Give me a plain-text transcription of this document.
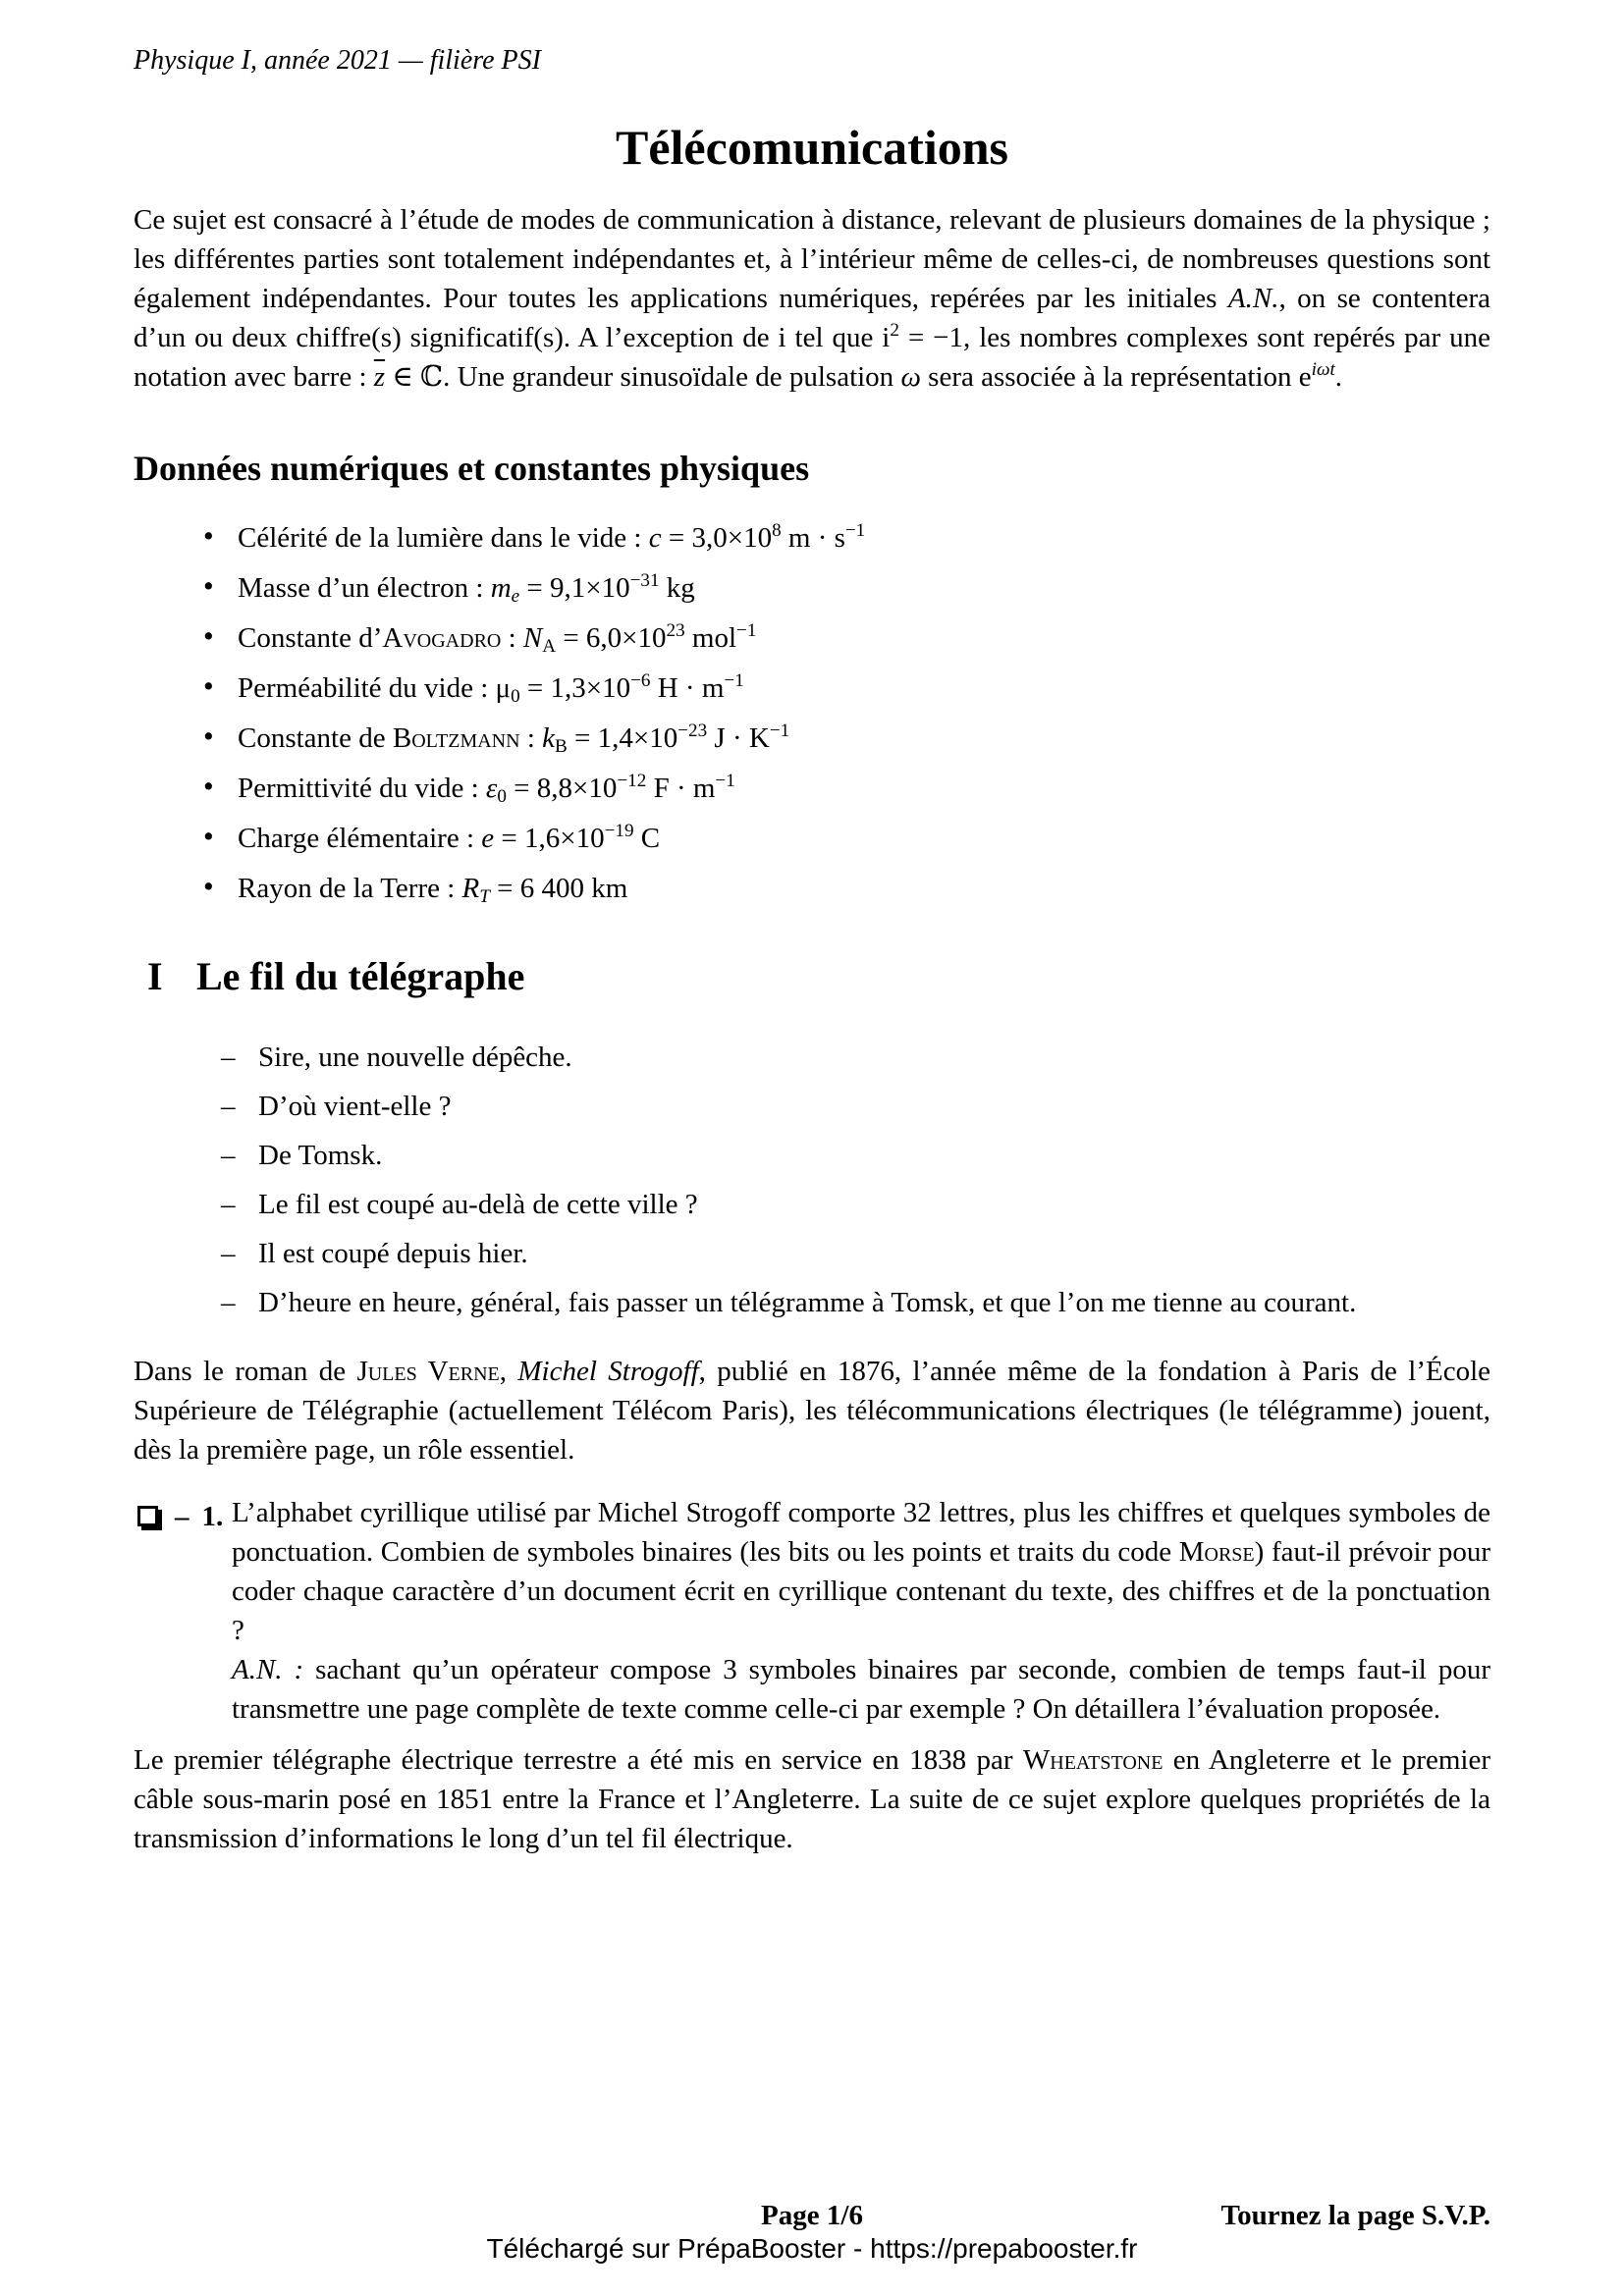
Physique I, année 2021 — filière PSI
Télécomunications

Ce sujet est consacré à l’étude de modes de communication à distance, relevant de plusieurs domaines de la physique ; les différentes parties sont totalement indépendantes et, à l’intérieur même de celles-ci, de nombreuses questions sont également indépendantes. Pour toutes les applications numériques, repérées par les initiales A.N., on se contentera d’un ou deux chiffre(s) significatif(s). A l’exception de i tel que $i^2 = -1$, les nombres complexes sont repérés par une notation avec barre : $\overline{z}$ ∈ ℂ. Une grandeur sinusoïdale de pulsation ω sera associée à la représentation $e^{i\omega t}$.

Données numériques et constantes physiques
• Célérité de la lumière dans le vide : $c = 3,0\times 10^8$ $m \cdot s^{-1}$
• Masse d’un électron : me = $9,1\times 10^{-31}$ kg
• Constante d’Avogadro : NA = $6,0\times 10^{23}$ mol$^{-1}$
• Perméabilité du vide : $\mu 0 = 1,3\times 10^{-6}$ $H \cdot m^{-1}$
• Constante de Boltzmann : kB = $1,4\times 10^{-23}$ $J \cdot K^{-1}$
• Permittivité du vide : $\varepsilon 0 = 8,8\times 10^{-12}$ $F \cdot m^{-1}$
• Charge élémentaire : $e = 1,6\times 10^{-19}$ C
• Rayon de la Terre : RT = 6 400 km
I Le fil du télégraphe
– Sire, une nouvelle dépêche.
– D’où vient-elle ?
– De Tomsk.
– Le fil est coupé au-delà de cette ville ?
– Il est coupé depuis hier.
– D’heure en heure, général, fais passer un télégramme à Tomsk, et que l’on me tienne au courant.

Dans le roman de Jules Verne, Michel Strogoff, publié en 1876, l’année même de la fondation à Paris de l’École Supérieure de Télégraphie (actuellement Télécom Paris), les télécommunications électriques (le télégramme) jouent, dès la première page, un rôle essentiel.

– 1. L’alphabet cyrillique utilisé par Michel Strogoff comporte 32 lettres, plus les chiffres et quelques symboles de ponctuation. Combien de symboles binaires (les bits ou les points et traits du code Morse) faut-il prévoir pour coder chaque caractère d’un document écrit en cyrillique contenant du texte, des chiffres et de la ponctuation ?

A.N. : sachant qu’un opérateur compose 3 symboles binaires par seconde, combien de temps faut-il pour transmettre une page complète de texte comme celle-ci par exemple ? On détaillera l’évaluation proposée.

Le premier télégraphe électrique terrestre a été mis en service en 1838 par Wheatstone en Angleterre et le premier câble sous-marin posé en 1851 entre la France et l’Angleterre. La suite de ce sujet explore quelques propriétés de la transmission d’informations le long d’un tel fil électrique.

Page 1/6	Tournez la page S.V.P.
Téléchargé sur PrépaBooster - https://prepabooster.fr
